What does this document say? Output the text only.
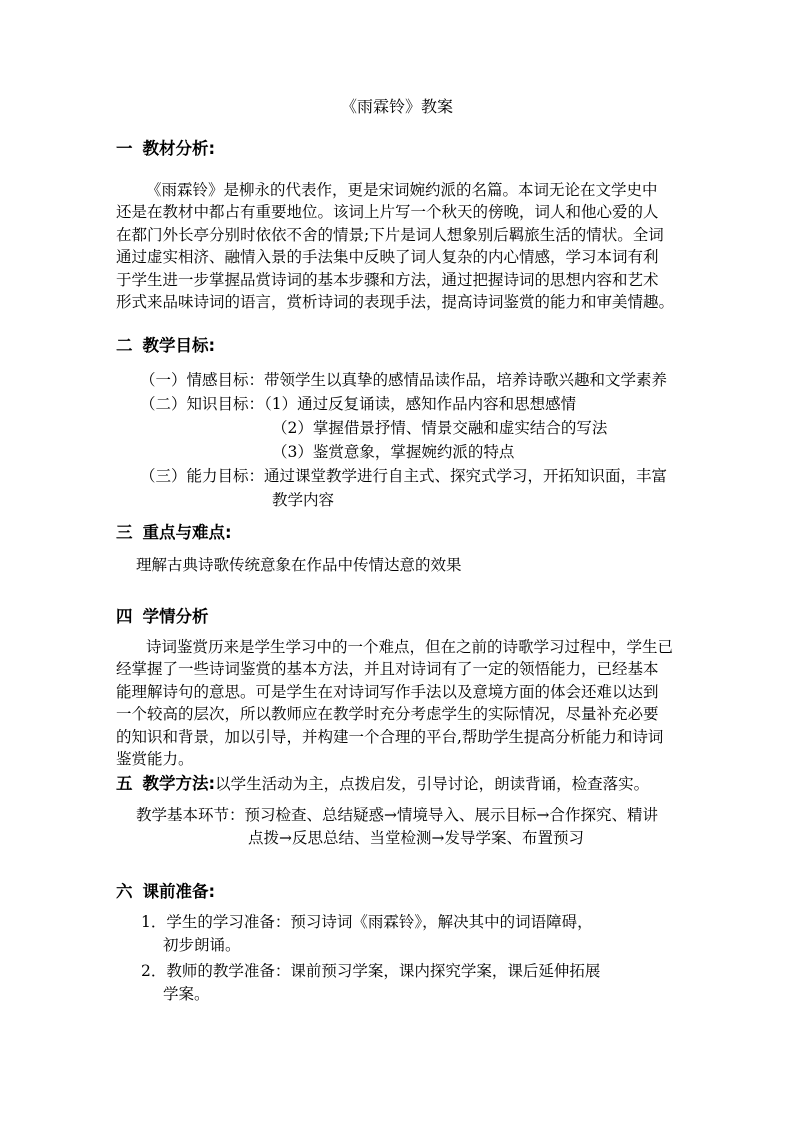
《雨霖铃》教案
一 教材分析:
《雨霖铃》是柳永的代表作，更是宋词婉约派的名篇。本词无论在文学史中
还是在教材中都占有重要地位。该词上片写一个秋天的傍晚，词人和他心爱的人
在都门外长亭分别时依依不舍的情景;下片是词人想象别后羁旅生活的情状。全词
通过虚实相济、融情入景的手法集中反映了词人复杂的内心情感，学习本词有利
于学生进一步掌握品赏诗词的基本步骤和方法，通过把握诗词的思想内容和艺术
形式来品味诗词的语言，赏析诗词的表现手法，提高诗词鉴赏的能力和审美情趣。
二 教学目标:
（一）情感目标：带领学生以真挚的感情品读作品，培养诗歌兴趣和文学素养
（二）知识目标：（1）通过反复诵读，感知作品内容和思想感情
（2）掌握借景抒情、情景交融和虚实结合的写法
（3）鉴赏意象，掌握婉约派的特点
（三）能力目标：通过课堂教学进行自主式、探究式学习，开拓知识面，丰富
教学内容
三 重点与难点:
理解古典诗歌传统意象在作品中传情达意的效果
四 学情分析
诗词鉴赏历来是学生学习中的一个难点，但在之前的诗歌学习过程中，学生已
经掌握了一些诗词鉴赏的基本方法，并且对诗词有了一定的领悟能力，已经基本
能理解诗句的意思。可是学生在对诗词写作手法以及意境方面的体会还难以达到
一个较高的层次，所以教师应在教学时充分考虑学生的实际情况，尽量补充必要
的知识和背景，加以引导，并构建一个合理的平台,帮助学生提高分析能力和诗词
鉴赏能力。
五 教学方法:以学生活动为主，点拨启发，引导讨论，朗读背诵，检查落实。
教学基本环节：预习检查、总结疑惑→情境导入、展示目标→合作探究、精讲
点拨→反思总结、当堂检测→发导学案、布置预习
六 课前准备:
1．学生的学习准备：预习诗词《雨霖铃》，解决其中的词语障碍，
初步朗诵。
2．教师的教学准备：课前预习学案，课内探究学案，课后延伸拓展
学案。
